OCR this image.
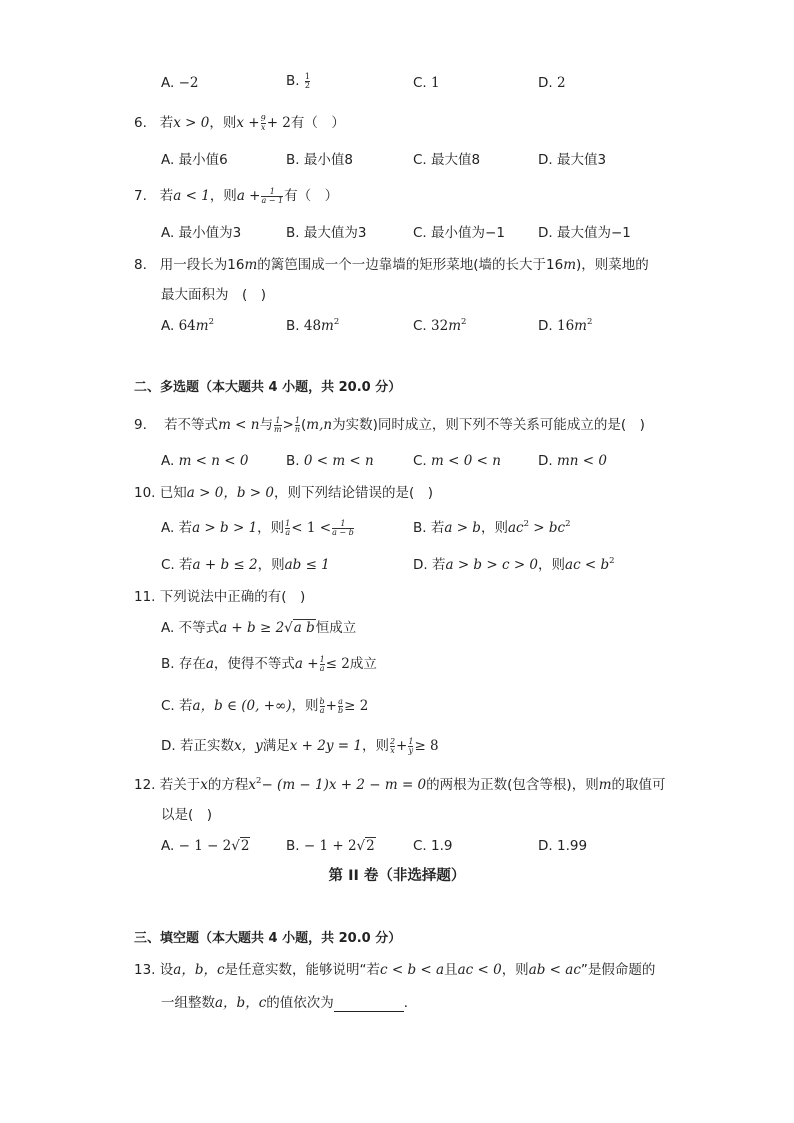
A. −2	B. $\frac{1}{2}$	C. 1	D. 2
6. 若x > 0，则$x + \frac{9}{x} + 2$有（　）
A. 最小值6	B. 最小值8	C. 最大值8	D. 最大值3
7. 若a < 1，则$a + \frac{1}{a - 1}$ 有（　）
A. 最小值为3	B. 最大值为3	C. 最小值为−1 D. 最大值为−1
8. 用一段长为16m的篱笆围成一个一边靠墙的矩形菜地(墙的长大于16m)，则菜地的
最大面积为　(　)
A. $64m^2$	B. $48m^2$	C. $32m^2$	D. $16m^2$
二、多选题（本大题共 4 小题，共 20.0 分）
9. 若不等式m < n与 $\frac{1}{m} > \frac{1}{n} (m,n$为实数)同时成立，则下列不等关系可能成立的是(　)
A. m < n < 0	B. 0 < m < n	C. m < 0 < n	D. mn < 0
10. 已知a > 0，b > 0，则下列结论错误的是(　)
A. 若a > b > 1，则 $\frac{1}{a} < 1 < \frac{1}{a - b}$	B. 若a > b，则$ac^2 > bc^2$
C. 若a + b ≤ 2，则ab ≤ 1	D. 若a > b > c > 0，则ac < $b^2$
11. 下列说法中正确的有(　)
A. 不等式a + b ≥ 2√a b恒成立
B. 存在a，使得不等式$a + \frac{1}{a} \le 2$成立
C. 若a，b ∈ (0, +∞)，则 $\frac{b}{a} + \frac{a}{b} \ge 2$
D. 若正实数x，y满足x + 2y = 1，则 $\frac{2}{x} + \frac{1}{y} \ge 8$
12. 若关于x的方程$x^2- (m - 1)x + 2 - m = 0$的两根为正数(包含等根)，则m的取值可
以是(　)
A. − 1 − 2√2	B. − 1 + 2√2	C. 1.9	D. 1.99
第 II 卷（非选择题）
三、填空题（本大题共 4 小题，共 20.0 分）
13. 设a，b，c是任意实数，能够说明“若c < b < a且ac < 0，则ab < ac”是假命题的
一组整数a，b，c的值依次为	．
